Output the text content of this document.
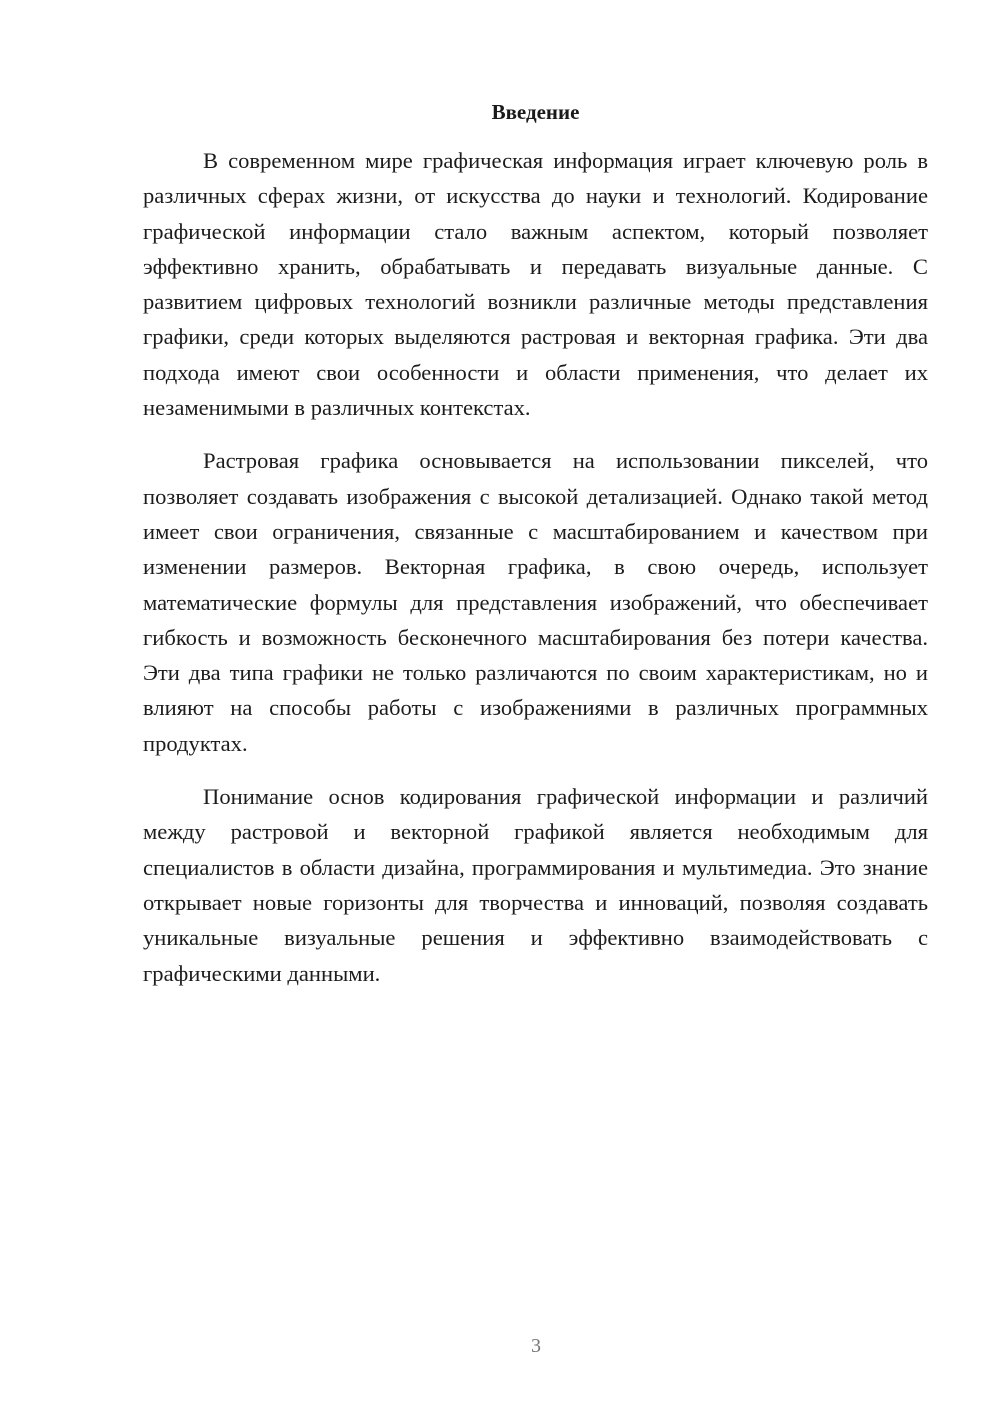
Введение

В современном мире графическая информация играет ключевую роль в различных сферах жизни, от искусства до науки и технологий. Кодирование графической информации стало важным аспектом, который позволяет эффективно хранить, обрабатывать и передавать визуальные данные. С развитием цифровых технологий возникли различные методы представления графики, среди которых выделяются растровая и векторная графика. Эти два подхода имеют свои особенности и области применения, что делает их незаменимыми в различных контекстах.

Растровая графика основывается на использовании пикселей, что позволяет создавать изображения с высокой детализацией. Однако такой метод имеет свои ограничения, связанные с масштабированием и качеством при изменении размеров. Векторная графика, в свою очередь, использует математические формулы для представления изображений, что обеспечивает гибкость и возможность бесконечного масштабирования без потери качества. Эти два типа графики не только различаются по своим характеристикам, но и влияют на способы работы с изображениями в различных программных продуктах.

Понимание основ кодирования графической информации и различий между растровой и векторной графикой является необходимым для специалистов в области дизайна, программирования и мультимедиа. Это знание открывает новые горизонты для творчества и инноваций, позволяя создавать уникальные визуальные решения и эффективно взаимодействовать с графическими данными.

3
